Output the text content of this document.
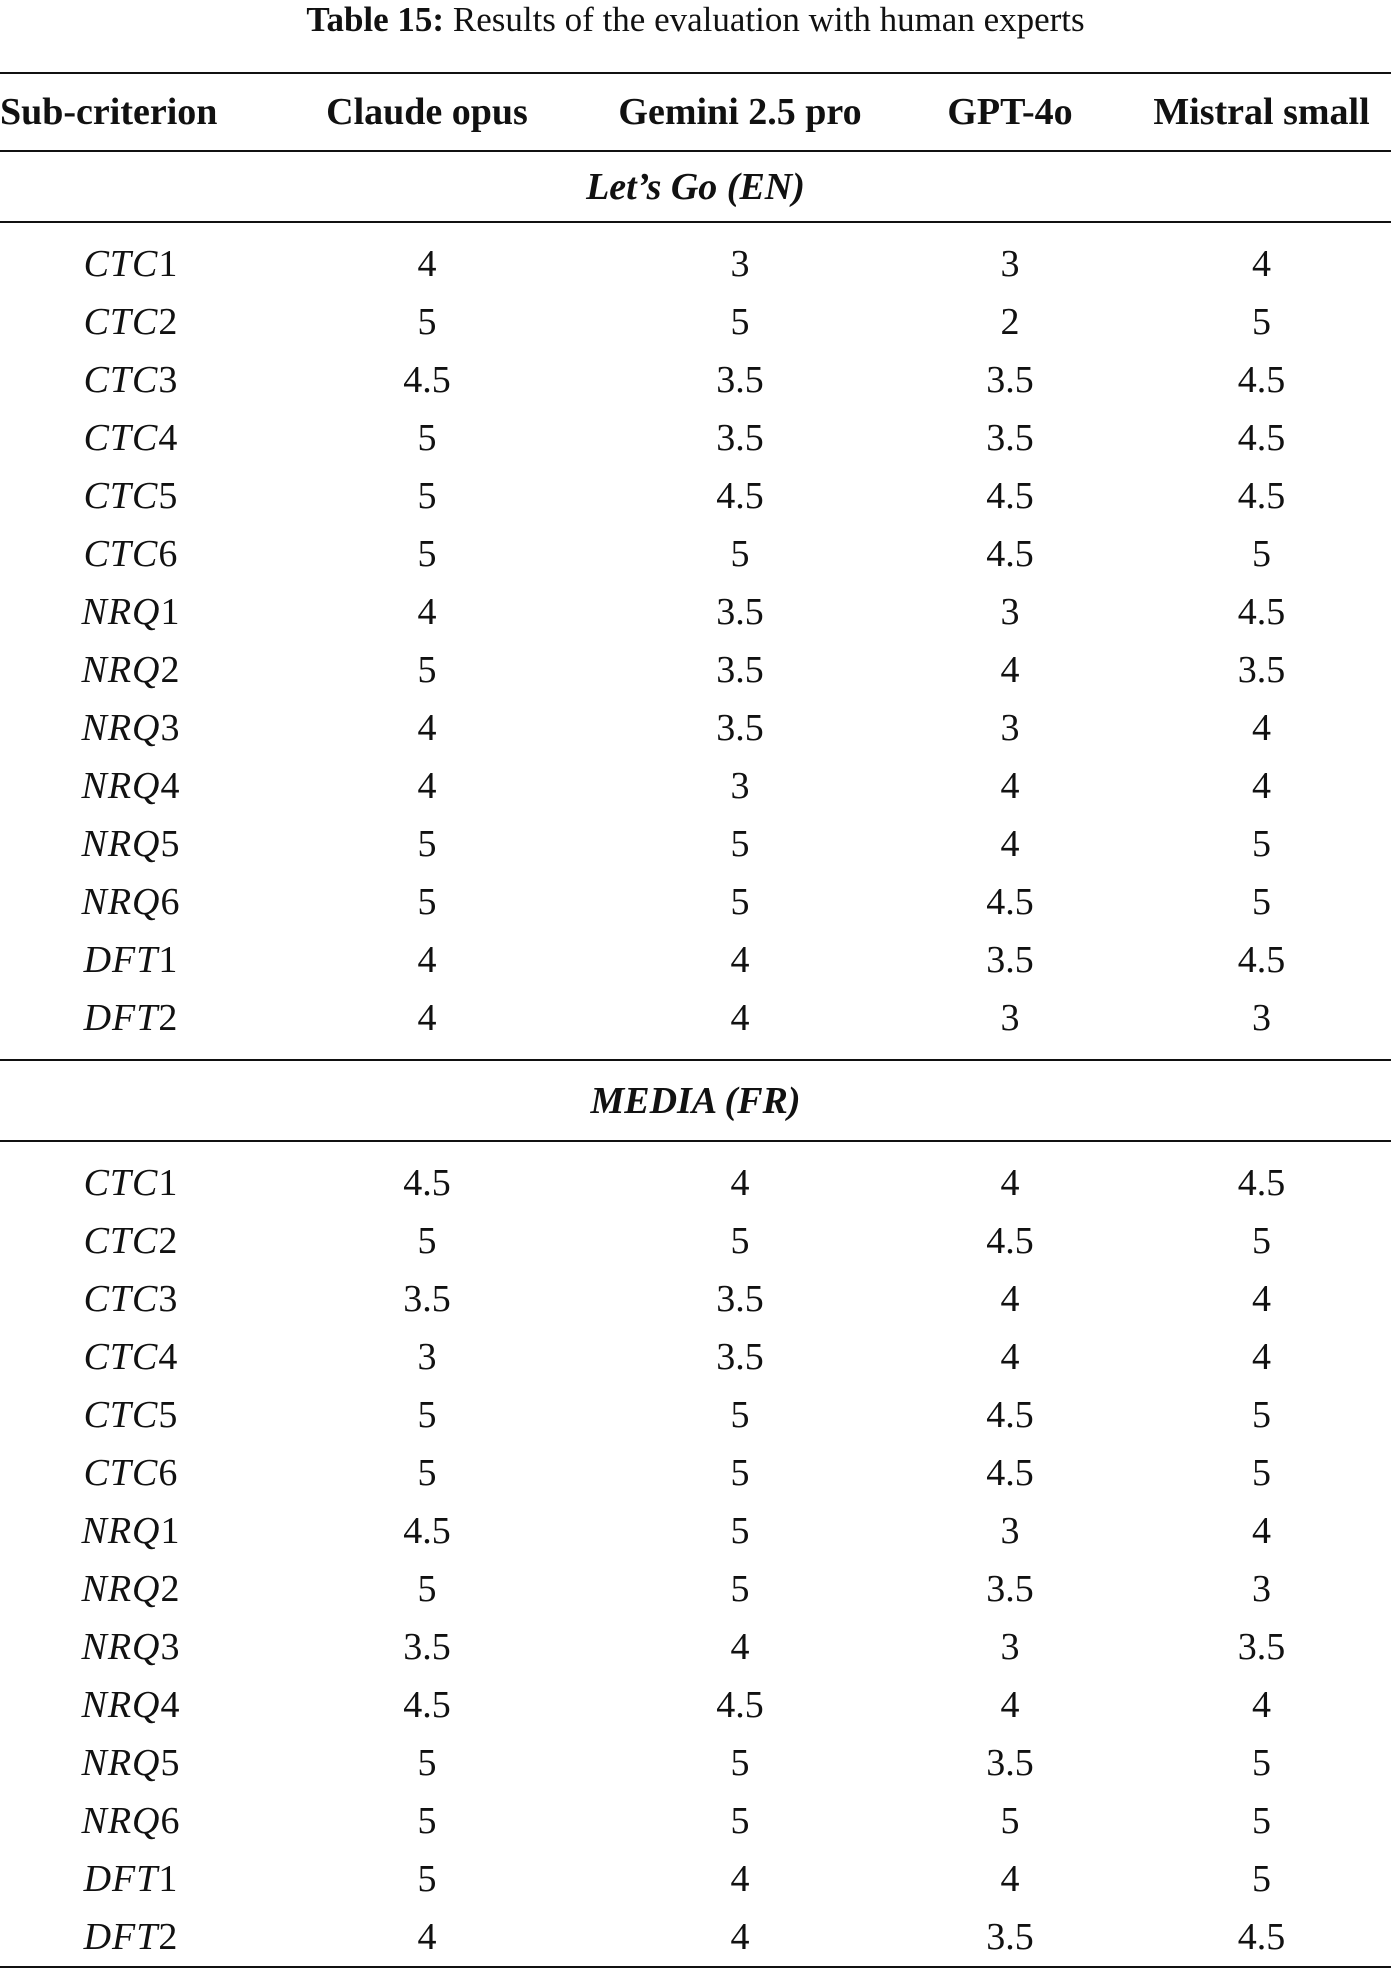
Table 15: Results of the evaluation with human experts
Sub-criterion	Claude opus	Gemini 2.5 pro	GPT-4o	Mistral small
Let’s Go (EN)				

CTC1	4	3	3	4
CTC2	5	5	2	5
CTC3	4.5	3.5	3.5	4.5
CTC4	5	3.5	3.5	4.5
CTC5	5	4.5	4.5	4.5
CTC6	5	5	4.5	5
NRQ1	4	3.5	3	4.5
NRQ2	5	3.5	4	3.5
NRQ3	4	3.5	3	4
NRQ4	4	3	4	4
NRQ5	5	5	4	5
NRQ6	5	5	4.5	5
DFT1	4	4	3.5	4.5
DFT2	4	4	3	3

MEDIA (FR)				

CTC1	4.5	4	4	4.5
CTC2	5	5	4.5	5
CTC3	3.5	3.5	4	4
CTC4	3	3.5	4	4
CTC5	5	5	4.5	5
CTC6	5	5	4.5	5
NRQ1	4.5	5	3	4
NRQ2	5	5	3.5	3
NRQ3	3.5	4	3	3.5
NRQ4	4.5	4.5	4	4
NRQ5	5	5	3.5	5
NRQ6	5	5	5	5
DFT1	5	4	4	5
DFT2	4	4	3.5	4.5
